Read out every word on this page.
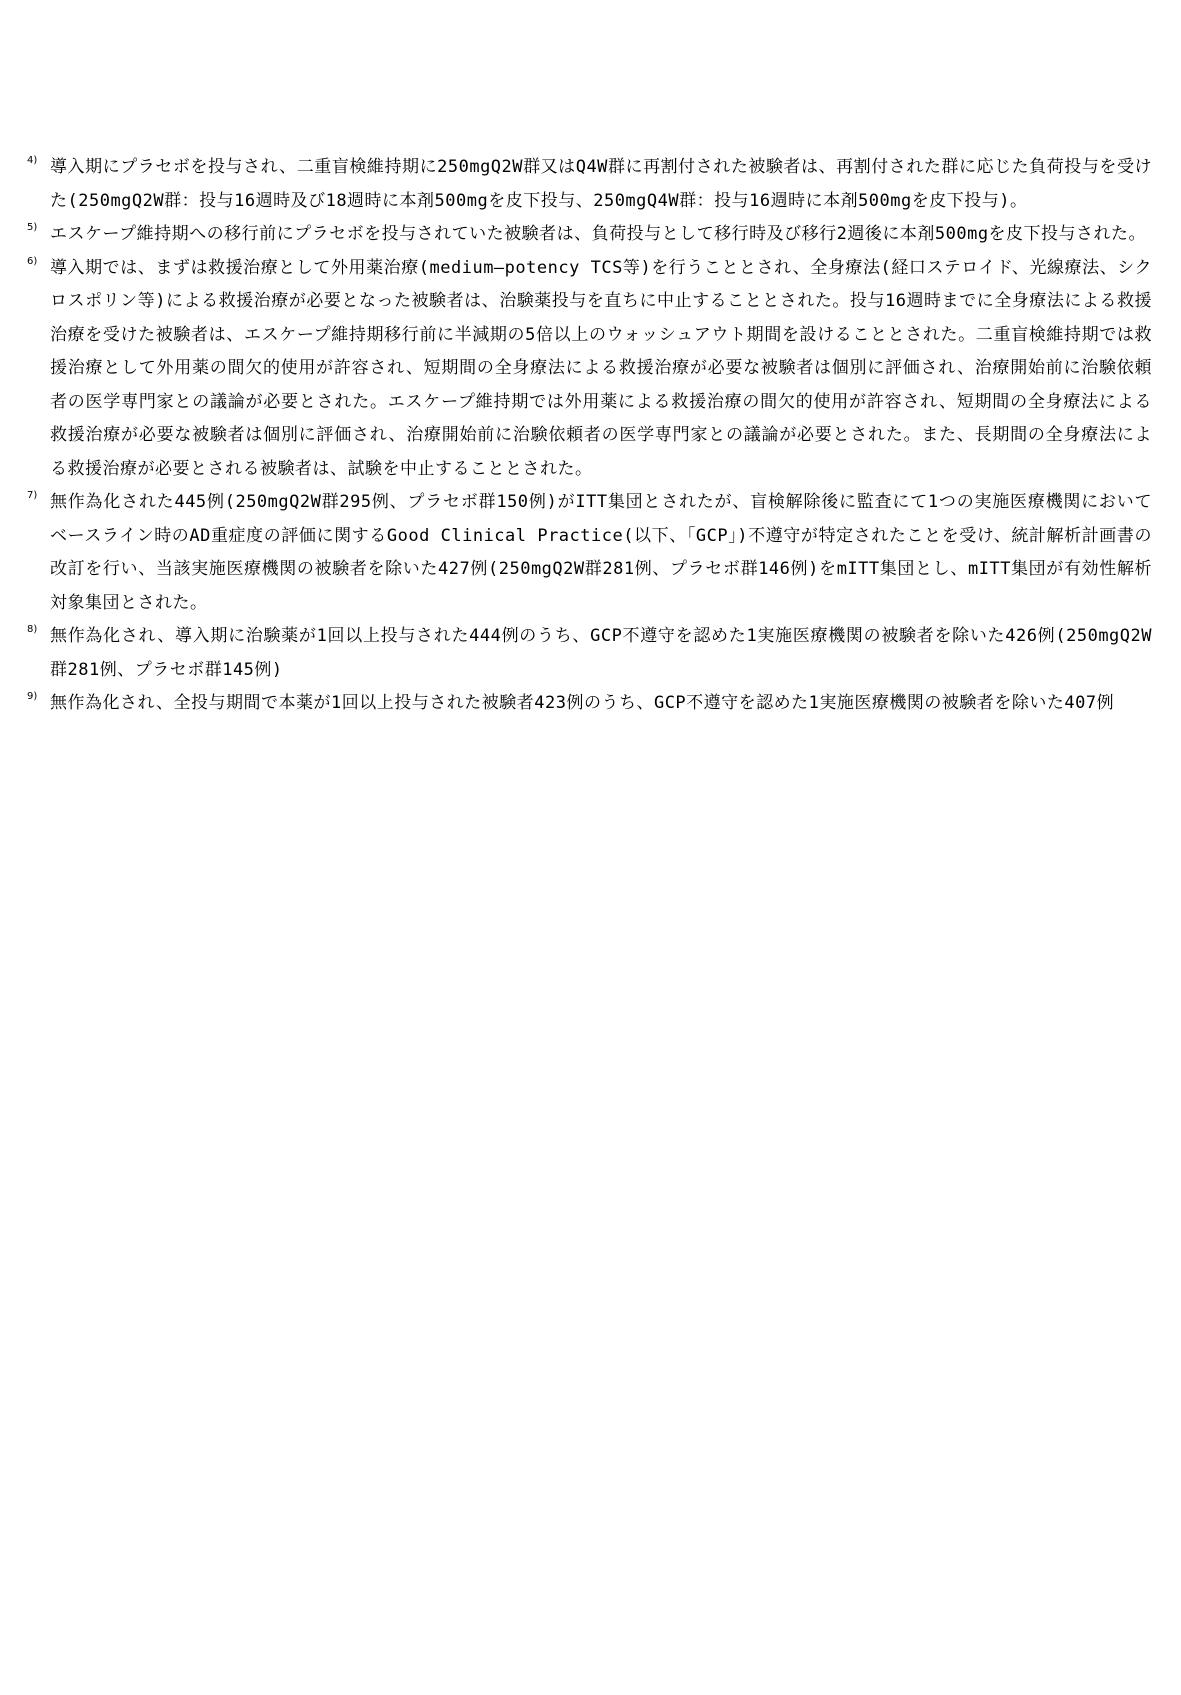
4) 導入期にプラセボを投与され、二重盲検維持期に250mgQ2W群又はQ4W群に再割付された被験者は、再割付された群に応じた負荷投与を受けた(250mgQ2W群：投与16週時及び18週時に本剤500mgを皮下投与、250mgQ4W群：投与16週時に本剤500mgを皮下投与)。
5) エスケープ維持期への移行前にプラセボを投与されていた被験者は、負荷投与として移行時及び移行2週後に本剤500mgを皮下投与された。
6) 導入期では、まずは救援治療として外用薬治療(medium―potency TCS等)を行うこととされ、全身療法(経口ステロイド、光線療法、シクロスポリン等)による救援治療が必要となった被験者は、治験薬投与を直ちに中止することとされた。投与16週時までに全身療法による救援治療を受けた被験者は、エスケープ維持期移行前に半減期の5倍以上のウォッシュアウト期間を設けることとされた。二重盲検維持期では救援治療として外用薬の間欠的使用が許容され、短期間の全身療法による救援治療が必要な被験者は個別に評価され、治療開始前に治験依頼者の医学専門家との議論が必要とされた。エスケープ維持期では外用薬による救援治療の間欠的使用が許容され、短期間の全身療法による救援治療が必要な被験者は個別に評価され、治療開始前に治験依頼者の医学専門家との議論が必要とされた。また、長期間の全身療法による救援治療が必要とされる被験者は、試験を中止することとされた。
7) 無作為化された445例(250mgQ2W群295例、プラセボ群150例)がITT集団とされたが、盲検解除後に監査にて1つの実施医療機関においてベースライン時のAD重症度の評価に関するGood Clinical Practice(以下、「GCP」)不遵守が特定されたことを受け、統計解析計画書の改訂を行い、当該実施医療機関の被験者を除いた427例(250mgQ2W群281例、プラセボ群146例)をmITT集団とし、mITT集団が有効性解析対象集団とされた。
8) 無作為化され、導入期に治験薬が1回以上投与された444例のうち、GCP不遵守を認めた1実施医療機関の被験者を除いた426例(250mgQ2W群281例、プラセボ群145例)
9) 無作為化され、全投与期間で本薬が1回以上投与された被験者423例のうち、GCP不遵守を認めた1実施医療機関の被験者を除いた407例
